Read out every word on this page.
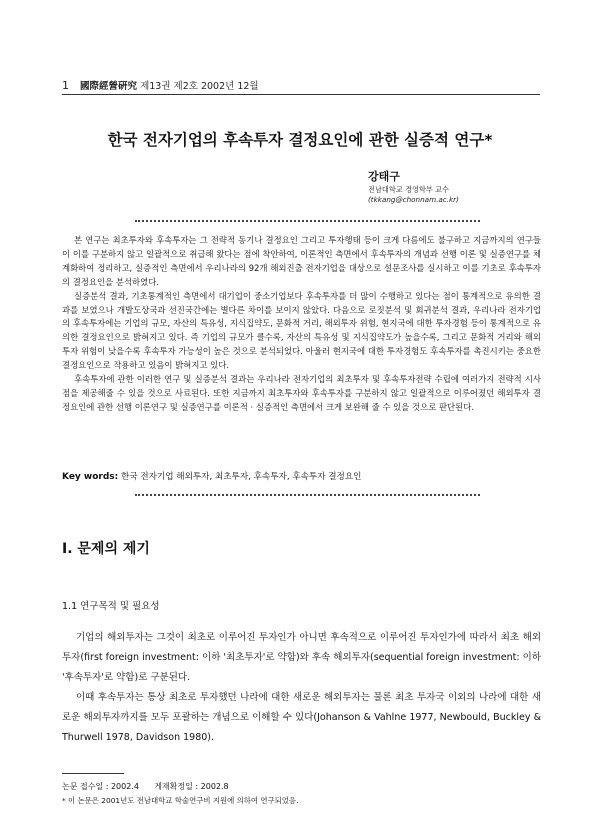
1 國際經營硏究 제13권 제2호 2002년 12월
한국 전자기업의 후속투자 결정요인에 관한 실증적 연구*
강태구
전남대학교 경영학부 교수
(tkkang@chonnam.ac.kr)

본 연구는 최초투자와 후속투자는 그 전략적 동기나 결정요인 그리고 투자행태 등이 크게 다름에도 불구하고 지금까지의 연구들이 이를 구분하지 않고 일괄적으로 취급해 왔다는 점에 착안하여, 이론적인 측면에서 후속투자의 개념과 선행 이론 및 실증연구를 체계화하여 정리하고, 실증적인 측면에서 우리나라의 92개 해외진출 전자기업을 대상으로 설문조사를 실시하고 이를 기초로 후속투자의 결정요인을 분석하였다.

실증분석 결과, 기초통계적인 측면에서 대기업이 중소기업보다 후속투자를 더 많이 수행하고 있다는 점이 통계적으로 유의한 결과를 보였으나 개발도상국과 선진국간에는 별다른 차이를 보이지 않았다. 다음으로 로짓분석 및 회귀분석 결과, 우리나라 전자기업의 후속투자에는 기업의 규모, 자산의 특유성, 지식집약도, 문화적 거리, 해외투자 위험, 현지국에 대한 투자경험 등이 통계적으로 유의한 결정요인으로 밝혀지고 있다. 즉 기업의 규모가 클수록, 자산의 특유성 및 지식집약도가 높을수록, 그리고 문화적 거리와 해외투자 위험이 낮을수록 후속투자 가능성이 높은 것으로 분석되었다. 아울러 현지국에 대한 투자경험도 후속투자를 촉진시키는 중요한 결정요인으로 작용하고 있음이 밝혀지고 있다.

후속투자에 관한 이러한 연구 및 실증분석 결과는 우리나라 전자기업의 최초투자 및 후속투자전략 수립에 여러가지 전략적 시사점을 제공해줄 수 있을 것으로 사료된다. 또한 지금까지 최초투자와 후속투자를 구분하지 않고 일괄적으로 이루어졌던 해외투자 결정요인에 관한 선행 이론연구 및 실증연구를 이론적 · 실증적인 측면에서 크게 보완해 줄 수 있을 것으로 판단된다.

Key words: 한국 전자기업 해외투자, 최초투자, 후속투자, 후속투자 결정요인
Ⅰ. 문제의 제기
1.1 연구목적 및 필요성

기업의 해외투자는 그것이 최초로 이루어진 투자인가 아니면 후속적으로 이루어진 투자인가에 따라서 최초 해외투자(first foreign investment: 이하 '최초투자'로 약함)와 후속 해외투자(sequential foreign investment: 이하 '후속투자'로 약함)로 구분된다.

이때 후속투자는 통상 최초로 투자했던 나라에 대한 새로운 해외투자는 물론 최초 투자국 이외의 나라에 대한 새로운 해외투자까지를 모두 포괄하는 개념으로 이해할 수 있다(Johanson & Vahlne 1977, Newbould, Buckley & Thurwell 1978, Davidson 1980).

논문 접수일 : 2002.4      게재확정일 : 2002.8
* 이 논문은 2001년도 전남대학교 학술연구비 지원에 의하여 연구되었음.
